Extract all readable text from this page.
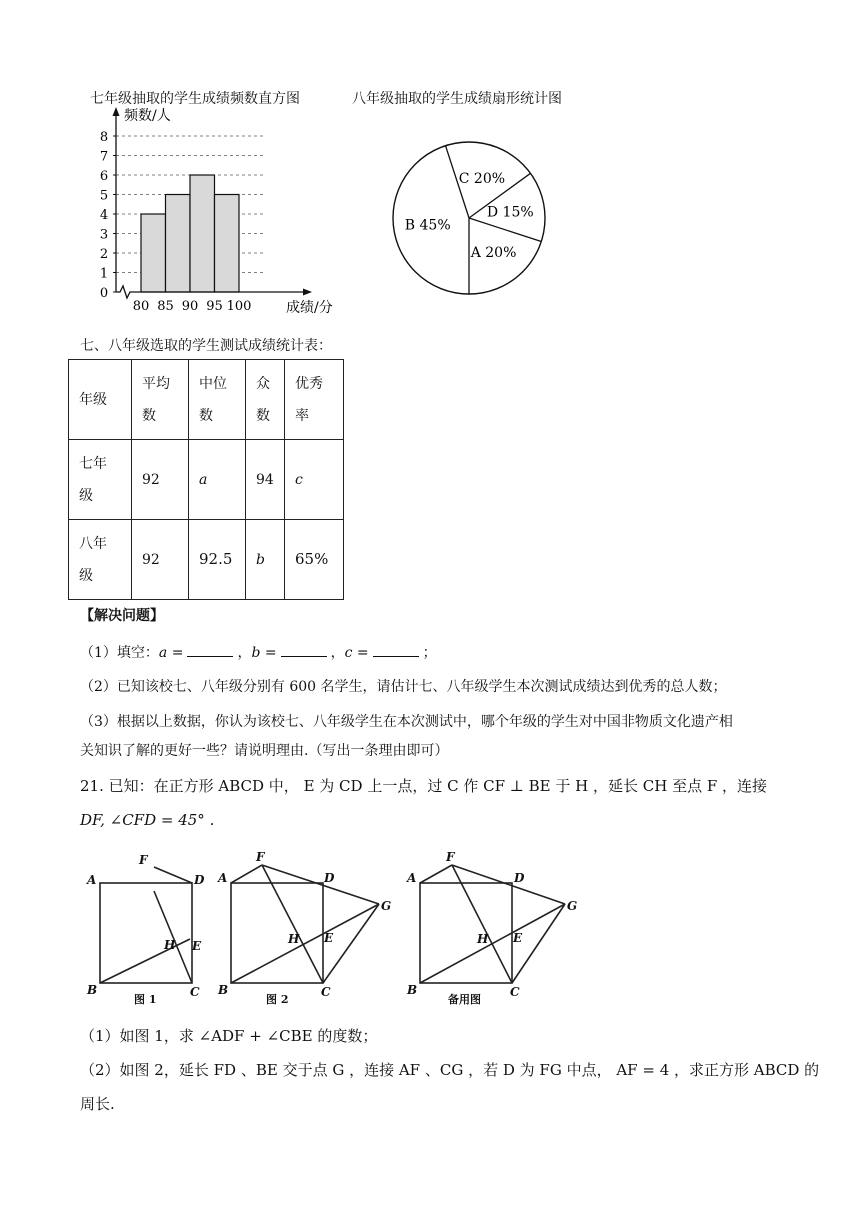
七年级抽取的学生成绩频数直方图	八年级抽取的学生成绩扇形统计图
0
1
2
3
4
5
6
7
8
80 85 90 95 100
频数/人
成绩/分
A 20%
B 45%
C 20%
D 15%
七、八年级选取的学生测试成绩统计表：
年级	平均数	中位数	众数	优秀率

七年级	92	a	94	c

八年级	92	92.5	b	65%
【解决问题】
（1）填空：a =	，b =	，c =	；
（2）已知该校七、八年级分别有 600 名学生，请估计七、八年级学生本次测试成绩达到优秀的总人数；
（3）根据以上数据，你认为该校七、八年级学生在本次测试中，哪个年级的学生对中国非物质文化遗产相
关知识了解的更好一些？请说明理由.（写出一条理由即可）
21. 已知：在正方形 ABCD 中， E 为 CD 上一点，过 C 作 CF ⊥ BE 于 H ，延长 CH 至点 F ，连接
DF, ∠CFD = 45° .
A	D
B	C
F
H E
A	D
B	C
F
G
H E
A	D
B	C
F
G
H E
图 1	图 2	备用图
（1）如图 1，求 ∠ADF + ∠CBE 的度数；
（2）如图 2，延长 FD 、BE 交于点 G ，连接 AF 、CG ，若 D 为 FG 中点， AF = 4 ，求正方形 ABCD 的
周长.
